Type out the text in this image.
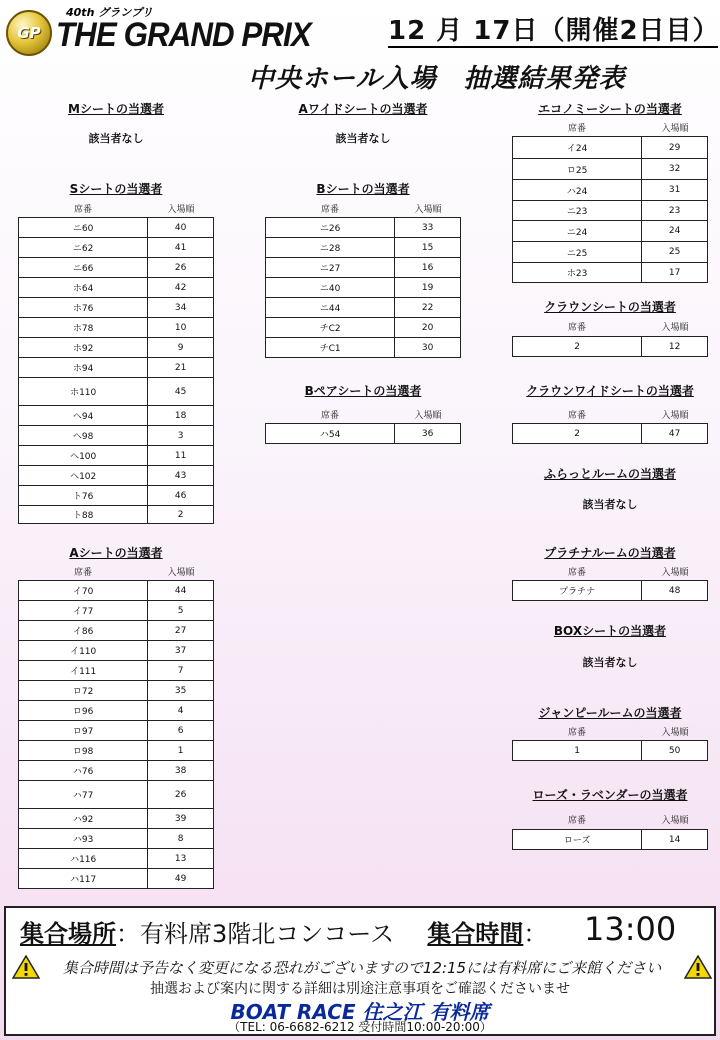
GP
40th グランプリ
THE GRAND PRIX	12 月 17日（開催2日目）
中央ホール入場　抽選結果発表
Mシートの当選者
該当者なし
Sシートの当選者
席番	入場順
ニ60	40
ニ62	41
ニ66	26
ホ64	42
ホ76	34
ホ78	10
ホ92	9
ホ94	21
ホ110	45
ヘ94	18
ヘ98	3
ヘ100	11
ヘ102	43
ト76	46
ト88	2
Aシートの当選者
席番	入場順
イ70	44
イ77	5
イ86	27
イ110	37
イ111	7
ロ72	35
ロ96	4
ロ97	6
ロ98	1
ハ76	38
ハ77	26
ハ92	39
ハ93	8
ハ116	13
ハ117	49
Aワイドシートの当選者
該当者なし
Bシートの当選者
席番	入場順
ニ26	33
ニ28	15
ニ27	16
ニ40	19
ニ44	22
チC2	20
チC1	30
Bペアシートの当選者
席番	入場順
ハ54	36
エコノミーシートの当選者
席番	入場順
イ24	29
ロ25	32
ハ24	31
ニ23	23
ニ24	24
ニ25	25
ホ23	17
クラウンシートの当選者
席番	入場順
2	12
クラウンワイドシートの当選者
席番	入場順
2	47
ふらっとルームの当選者
該当者なし
プラチナルームの当選者
席番	入場順
プラチナ	48
BOXシートの当選者
該当者なし
ジャンピールームの当選者
席番	入場順
1	50
ローズ・ラベンダーの当選者
席番	入場順
ローズ	14
集合場所：有料席3階北コンコース 集合時間： 13:00
集合時間は予告なく変更になる恐れがございますので12:15には有料席にご来館ください
抽選および案内に関する詳細は別途注意事項をご確認くださいませ
BOAT RACE 住之江 有料席
（TEL: 06-6682-6212 受付時間10:00-20:00）
